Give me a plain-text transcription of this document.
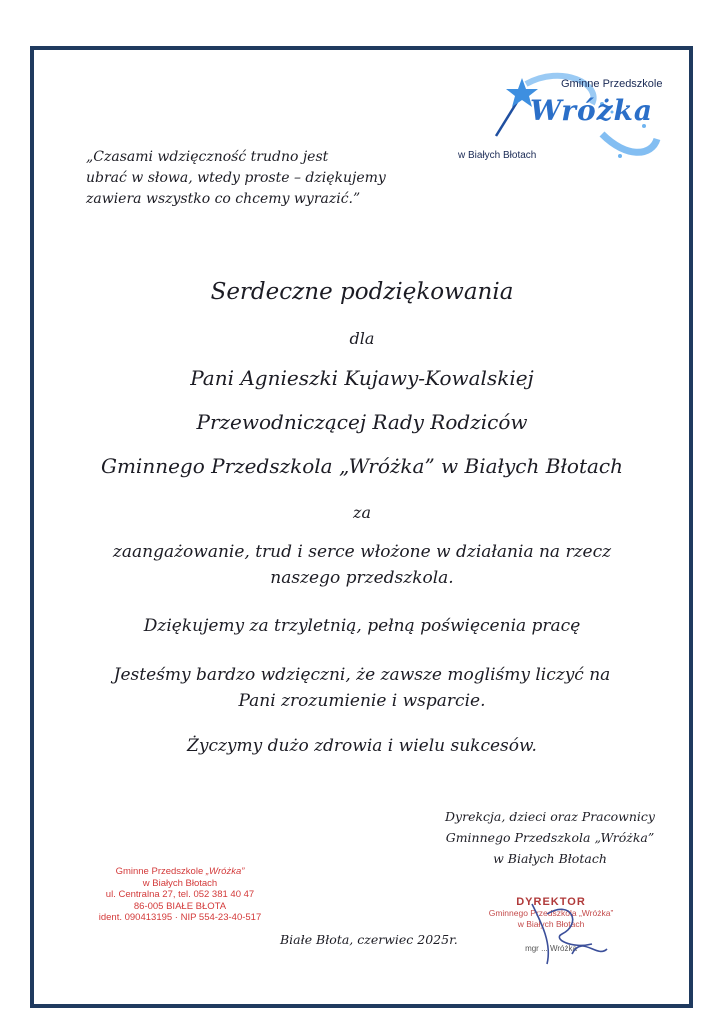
Gminne Przedszkole
Wróżka
w Białych Błotach
„Czasami wdzięczność trudno jest
ubrać w słowa, wtedy proste – dziękujemy
zawiera wszystko co chcemy wyrazić.”
Serdeczne podziękowania
dla
Pani Agnieszki Kujawy-Kowalskiej
Przewodniczącej Rady Rodziców
Gminnego Przedszkola „Wróżka” w Białych Błotach
za
zaangażowanie, trud i serce włożone w działania na rzecz
naszego przedszkola.
Dziękujemy za trzyletnią, pełną poświęcenia pracę
Jesteśmy bardzo wdzięczni, że zawsze mogliśmy liczyć na
Pani zrozumienie i wsparcie.
Życzymy dużo zdrowia i wielu sukcesów.
Dyrekcja, dzieci oraz Pracownicy
Gminnego Przedszkola „Wróżka”
w Białych Błotach
Gminne Przedszkole „Wróżka”
w Białych Błotach
ul. Centralna 27, tel. 052 381 40 47
86-005 BIAŁE BŁOTA
ident. 090413195 · NIP 554-23-40-517
Białe Błota, czerwiec 2025r.
DYREKTOR
Gminnego Przedszkola „Wróżka”
w Białych Błotach
mgr ... Wróżka
